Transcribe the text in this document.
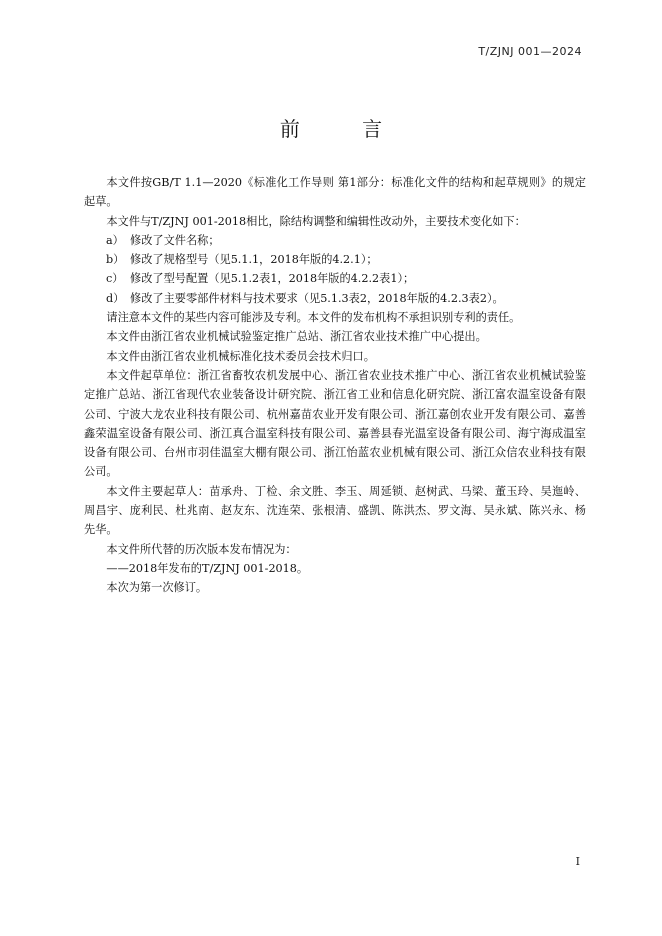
T/ZJNJ 001—2024
前 言

本文件按GB/T 1.1—2020《标准化工作导则 第1部分：标准化文件的结构和起草规则》的规定起草。

本文件与T/ZJNJ 001-2018相比，除结构调整和编辑性改动外，主要技术变化如下：

a） 修改了文件名称；

b） 修改了规格型号（见5.1.1，2018年版的4.2.1）；

c） 修改了型号配置（见5.1.2表1，2018年版的4.2.2表1）；

d） 修改了主要零部件材料与技术要求（见5.1.3表2，2018年版的4.2.3表2）。

请注意本文件的某些内容可能涉及专利。本文件的发布机构不承担识别专利的责任。

本文件由浙江省农业机械试验鉴定推广总站、浙江省农业技术推广中心提出。

本文件由浙江省农业机械标准化技术委员会技术归口。

本文件起草单位：浙江省畜牧农机发展中心、浙江省农业技术推广中心、浙江省农业机械试验鉴定推广总站、浙江省现代农业装备设计研究院、浙江省工业和信息化研究院、浙江富农温室设备有限公司、宁波大龙农业科技有限公司、杭州嘉苗农业开发有限公司、浙江嘉创农业开发有限公司、嘉善鑫荣温室设备有限公司、浙江真合温室科技有限公司、嘉善县春光温室设备有限公司、海宁海成温室设备有限公司、台州市羽佳温室大棚有限公司、浙江怡蓝农业机械有限公司、浙江众信农业科技有限公司。

本文件主要起草人：苗承舟、丁检、余文胜、李玉、周延锁、赵树武、马梁、董玉玲、吴迤岭、周昌宇、庞利民、杜兆南、赵友东、沈连荣、张根清、盛凯、陈洪杰、罗文海、吴永斌、陈兴永、杨先华。

本文件所代替的历次版本发布情况为：

——2018年发布的T/ZJNJ 001-2018。

本次为第一次修订。

I
